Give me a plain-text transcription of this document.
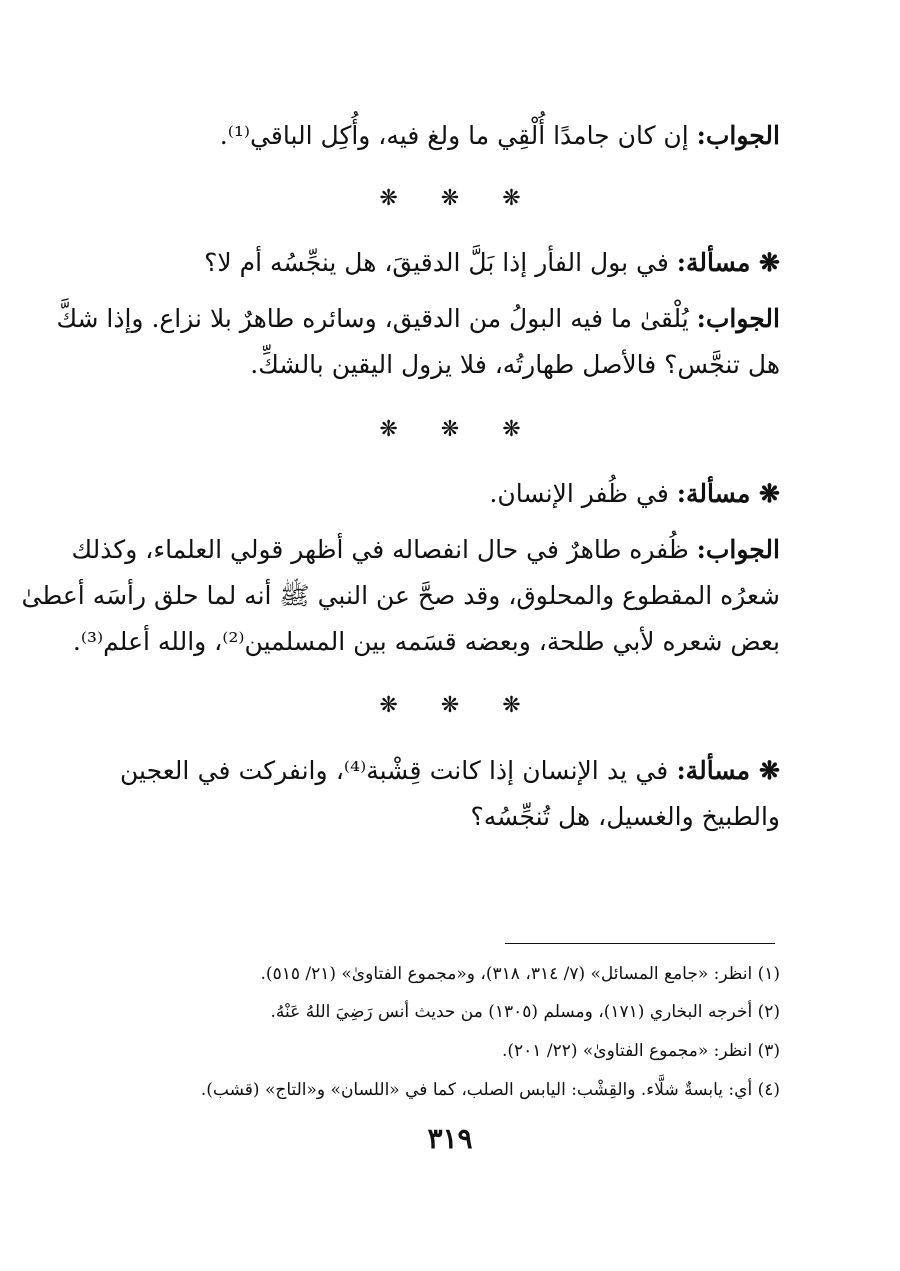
الجواب: إن كان جامدًا أُلْقِي ما ولغ فيه، وأُكِل الباقي⁽¹⁾.
❋ ❋ ❋
❋ مسألة: في بول الفأر إذا بَلَّ الدقيقَ، هل ينجِّسُه أم لا؟
الجواب: يُلْقىٰ ما فيه البولُ من الدقيق، وسائره طاهرٌ بلا نزاع. وإذا شكَّ
هل تنجَّس؟ فالأصل طهارتُه، فلا يزول اليقين بالشكِّ.
❋ ❋ ❋
❋ مسألة: في ظُفر الإنسان.
الجواب: ظُفره طاهرٌ في حال انفصاله في أظهر قولي العلماء، وكذلك
شعرُه المقطوع والمحلوق، وقد صحَّ عن النبي ﷺ أنه لما حلق رأسَه أعطىٰ
بعض شعره لأبي طلحة، وبعضه قسَمه بين المسلمين⁽²⁾، والله أعلم⁽³⁾.
❋ ❋ ❋
❋ مسألة: في يد الإنسان إذا كانت قِشْبة⁽⁴⁾، وانفركت في العجين
والطبيخ والغسيل، هل تُنجِّسُه؟
(١) انظر: «جامع المسائل» (٧/ ٣١٤، ٣١٨)، و«مجموع الفتاوىٰ» (٢١/ ٥١٥).
(٢) أخرجه البخاري (١٧١)، ومسلم (١٣٠٥) من حديث أنس رَضِيَ اللهُ عَنْهُ.
(٣) انظر: «مجموع الفتاوىٰ» (٢٢/ ٢٠١).
(٤) أي: يابسةٌ شلَّاء. والقِشْب: اليابس الصلب، كما في «اللسان» و«التاج» (قشب).
٣١٩
